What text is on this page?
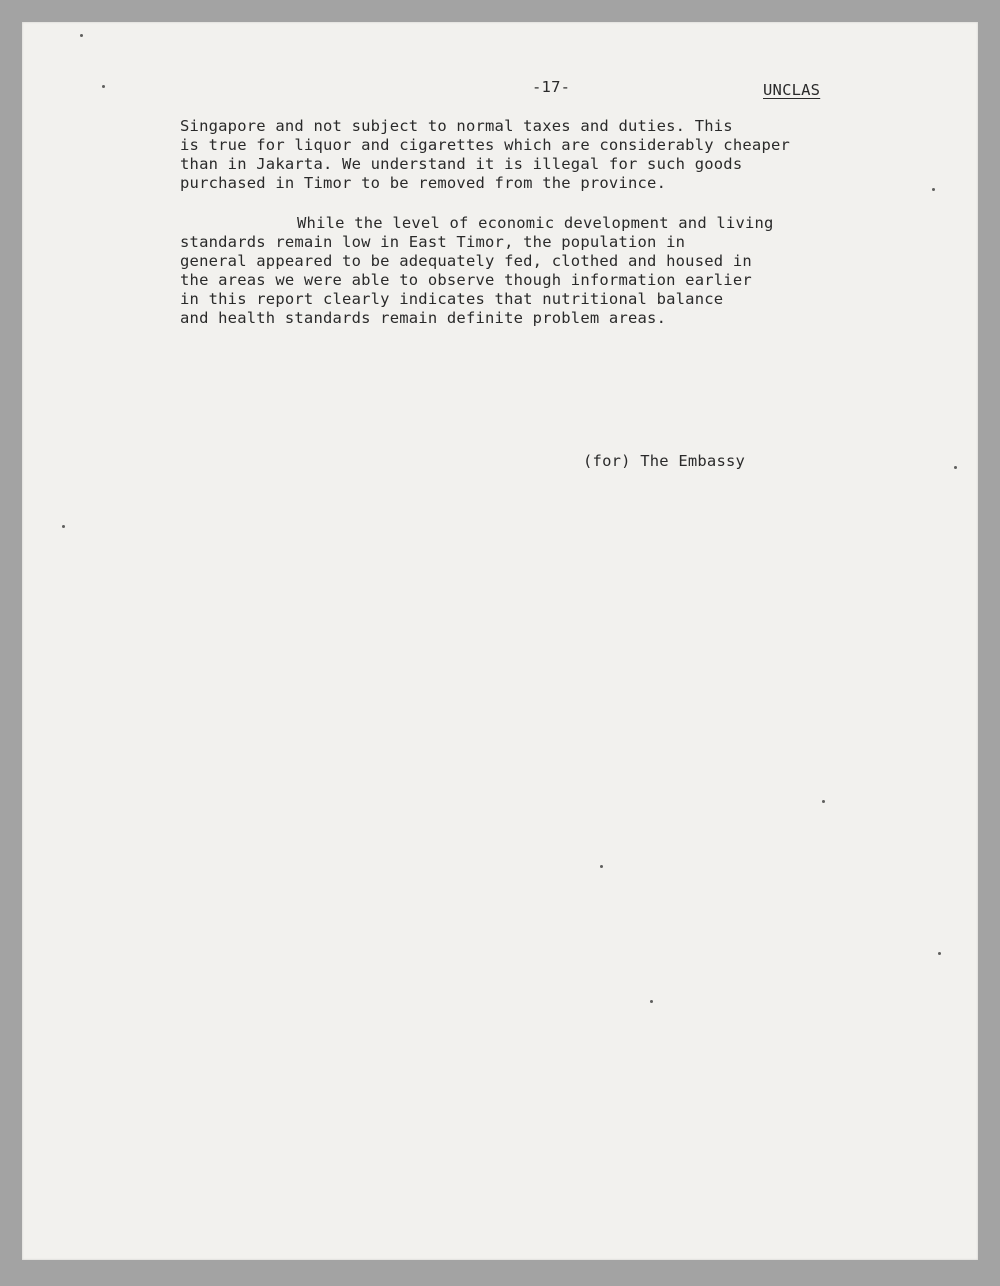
-17-	UNCLAS
Singapore and not subject to normal taxes and duties. This
is true for liquor and cigarettes which are considerably cheaper
than in Jakarta. We understand it is illegal for such goods
purchased in Timor to be removed from the province.
While the level of economic development and living
standards remain low in East Timor, the population in
general appeared to be adequately fed, clothed and housed in
the areas we were able to observe though information earlier
in this report clearly indicates that nutritional balance
and health standards remain definite problem areas.
(for) The Embassy
